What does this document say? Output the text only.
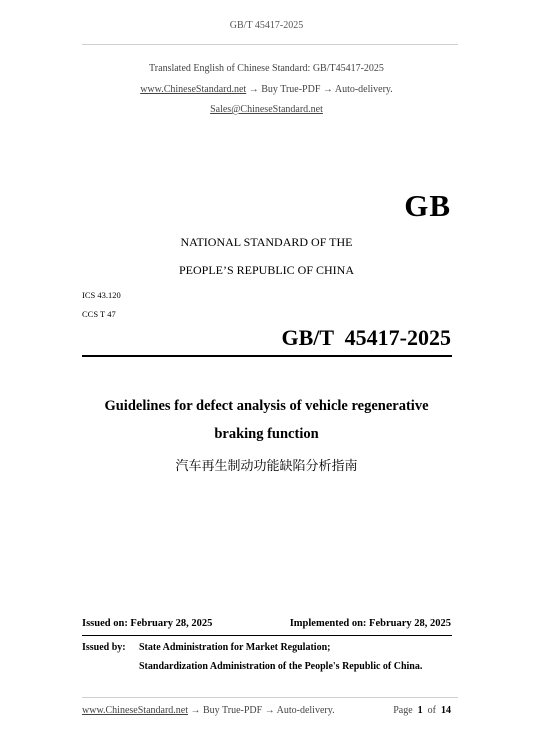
GB/T 45417-2025
Translated English of Chinese Standard: GB/T45417-2025
www.ChineseStandard.net → Buy True-PDF → Auto-delivery.
Sales@ChineseStandard.net
GB
NATIONAL STANDARD OF THE
PEOPLE’S REPUBLIC OF CHINA
ICS 43.120
CCS T 47
GB/T  45417-2025
Guidelines for defect analysis of vehicle regenerative
braking function
汽车再生制动功能缺陷分析指南
Issued on: February 28, 2025	Implemented on: February 28, 2025
Issued by: State Administration for Market Regulation;
Standardization Administration of the People's Republic of China.
www.ChineseStandard.net → Buy True-PDF → Auto-delivery.	Page 1 of 14
